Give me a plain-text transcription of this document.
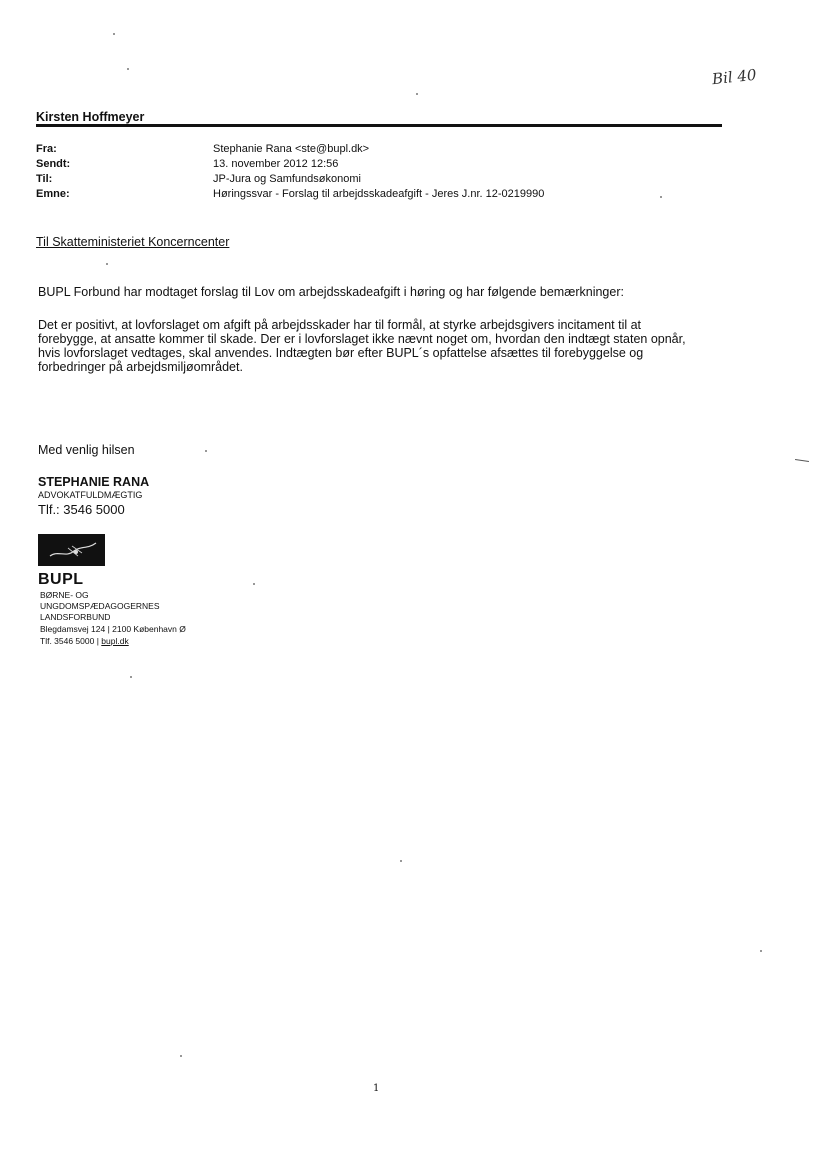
Bil 40
Kirsten Hoffmeyer
Fra:	Stephanie Rana <ste@bupl.dk>
Sendt:	13. november 2012 12:56
Til:	JP-Jura og Samfundsøkonomi
Emne:	Høringssvar - Forslag til arbejdsskadeafgift - Jeres J.nr. 12-0219990
Til Skatteministeriet Koncerncenter
BUPL Forbund har modtaget forslag til Lov om arbejdsskadeafgift i høring og har følgende bemærkninger:
Det er positivt, at lovforslaget om afgift på arbejdsskader har til formål, at styrke arbejdsgivers incitament til at
forebygge, at ansatte kommer til skade. Der er i lovforslaget ikke nævnt noget om, hvordan den indtægt staten opnår,
hvis lovforslaget vedtages, skal anvendes. Indtægten bør efter BUPL´s opfattelse afsættes til forebyggelse og
forbedringer på arbejdsmiljøområdet.
Med venlig hilsen
STEPHANIE RANA
ADVOKATFULDMÆGTIG
Tlf.: 3546 5000
BUPL
BØRNE- OG
UNGDOMSPÆDAGOGERNES
LANDSFORBUND
Blegdamsvej 124 | 2100 København Ø
Tlf. 3546 5000 | bupl.dk
1
